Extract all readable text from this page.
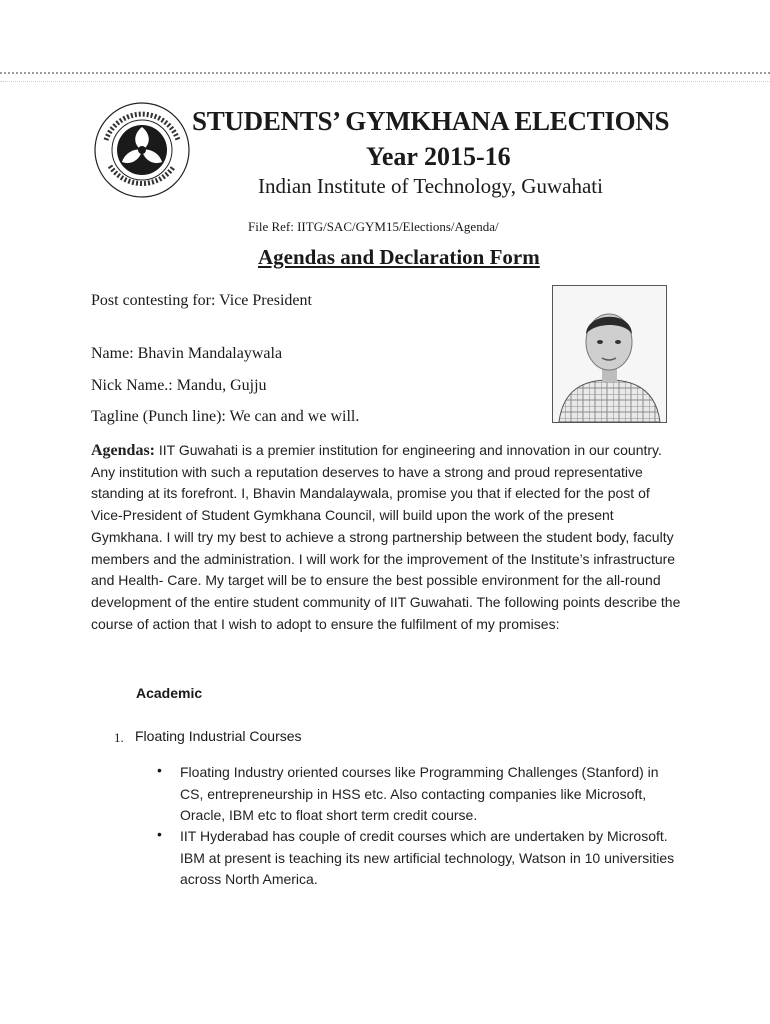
STUDENTS’ GYMKHANA ELECTIONS
Year 2015-16
Indian Institute of Technology, Guwahati
File Ref: IITG/SAC/GYM15/Elections/Agenda/
Agendas and Declaration Form
Post contesting for: Vice President
Name: Bhavin Mandalaywala
Nick Name.: Mandu, Gujju
Tagline (Punch line): We can and we will.
Agendas: IIT Guwahati is a premier institution for engineering and innovation in our country. Any institution with such a reputation deserves to have a strong and proud representative standing at its forefront. I, Bhavin Mandalaywala, promise you that if elected for the post of Vice-President of Student Gymkhana Council, will build upon the work of the present Gymkhana. I will try my best to achieve a strong partnership between the student body, faculty members and the administration. I will work for the improvement of the Institute’s infrastructure and Health- Care. My target will be to ensure the best possible environment for the all-round development of the entire student community of IIT Guwahati. The following points describe the course of action that I wish to adopt to ensure the fulfilment of my promises:
Academic
1. Floating Industrial Courses
• Floating Industry oriented courses like Programming Challenges (Stanford) in CS, entrepreneurship in HSS etc. Also contacting companies like Microsoft, Oracle, IBM etc to float short term credit course.
• IIT Hyderabad has couple of credit courses which are undertaken by Microsoft. IBM at present is teaching its new artificial technology, Watson in 10 universities across North America.
